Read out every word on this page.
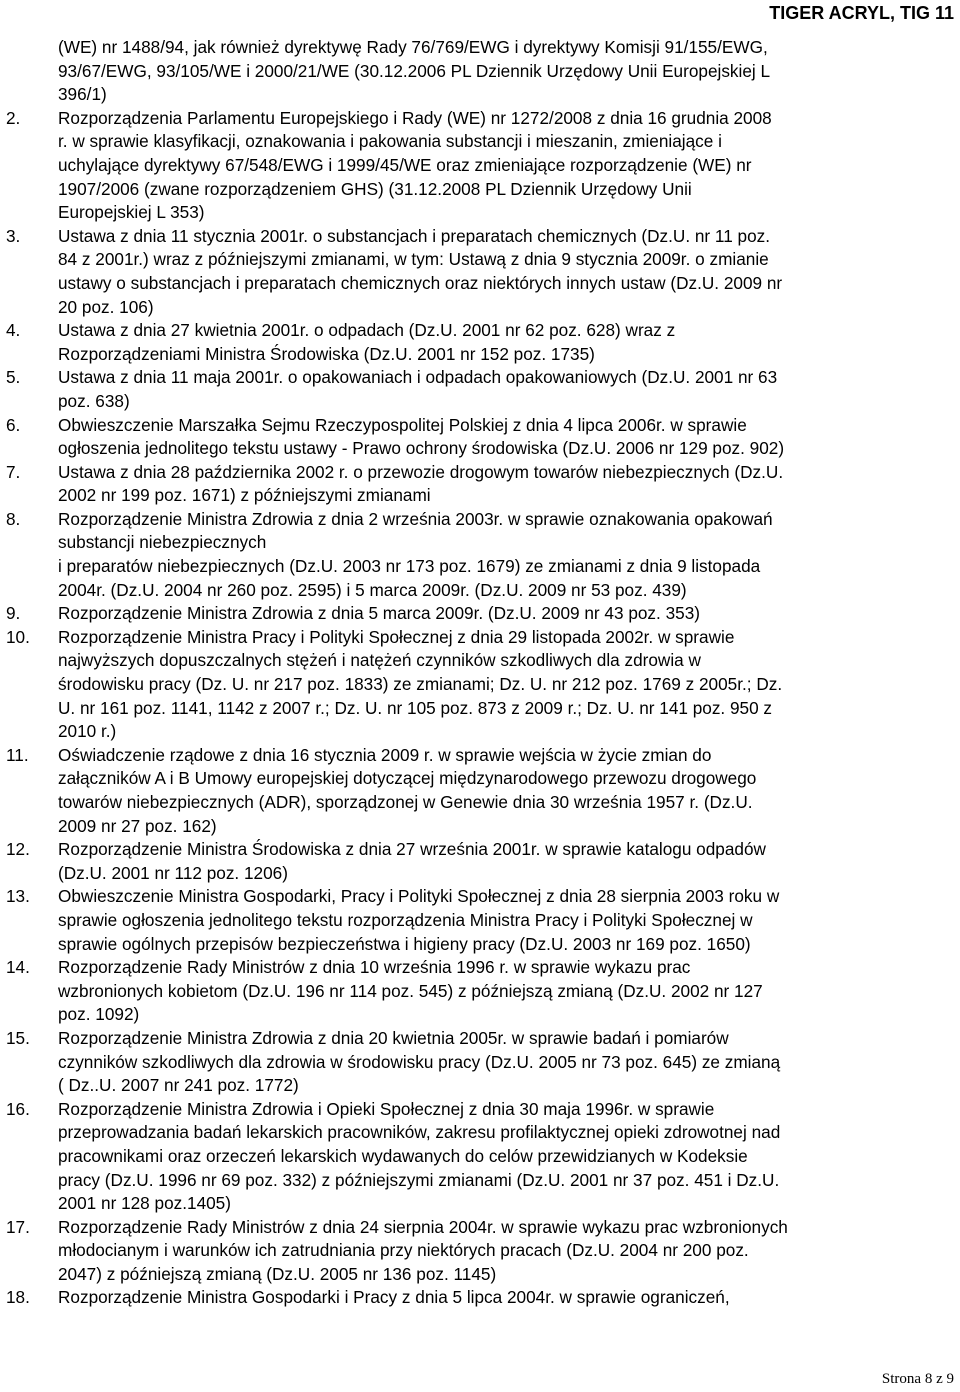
TIGER ACRYL, TIG 11
(WE) nr 1488/94, jak również dyrektywę Rady 76/769/EWG i dyrektywy Komisji 91/155/EWG,
93/67/EWG, 93/105/WE i 2000/21/WE (30.12.2006 PL Dziennik Urzędowy Unii Europejskiej L
396/1)
2. Rozporządzenia Parlamentu Europejskiego i Rady (WE) nr 1272/2008 z dnia 16 grudnia 2008
r. w sprawie klasyfikacji, oznakowania i pakowania substancji i mieszanin, zmieniające i
uchylające dyrektywy 67/548/EWG i 1999/45/WE oraz zmieniające rozporządzenie (WE) nr
1907/2006 (zwane rozporządzeniem GHS) (31.12.2008 PL Dziennik Urzędowy Unii
Europejskiej L 353)
3. Ustawa z dnia 11 stycznia 2001r. o substancjach i preparatach chemicznych (Dz.U. nr 11 poz.
84 z 2001r.) wraz z późniejszymi zmianami, w tym: Ustawą z dnia 9 stycznia 2009r. o zmianie
ustawy o substancjach i preparatach chemicznych oraz niektórych innych ustaw (Dz.U. 2009 nr
20 poz. 106)
4. Ustawa z dnia 27 kwietnia 2001r. o odpadach (Dz.U. 2001 nr 62 poz. 628) wraz z
Rozporządzeniami Ministra Środowiska (Dz.U. 2001 nr 152 poz. 1735)
5. Ustawa z dnia 11 maja 2001r. o opakowaniach i odpadach opakowaniowych (Dz.U. 2001 nr 63
poz. 638)
6. Obwieszczenie Marszałka Sejmu Rzeczypospolitej Polskiej z dnia 4 lipca 2006r. w sprawie
ogłoszenia jednolitego tekstu ustawy - Prawo ochrony środowiska (Dz.U. 2006 nr 129 poz. 902)
7. Ustawa z dnia 28 października 2002 r. o przewozie drogowym towarów niebezpiecznych (Dz.U.
2002 nr 199 poz. 1671) z późniejszymi zmianami
8. Rozporządzenie Ministra Zdrowia z dnia 2 września 2003r. w sprawie oznakowania opakowań
substancji niebezpiecznych
i preparatów niebezpiecznych (Dz.U. 2003 nr 173 poz. 1679) ze zmianami z dnia 9 listopada
2004r. (Dz.U. 2004 nr 260 poz. 2595) i 5 marca 2009r. (Dz.U. 2009 nr 53 poz. 439)
9. Rozporządzenie Ministra Zdrowia z dnia 5 marca 2009r. (Dz.U. 2009 nr 43 poz. 353)
10. Rozporządzenie Ministra Pracy i Polityki Społecznej z dnia 29 listopada 2002r. w sprawie
najwyższych dopuszczalnych stężeń i natężeń czynników szkodliwych dla zdrowia w
środowisku pracy (Dz. U. nr 217 poz. 1833) ze zmianami; Dz. U. nr 212 poz. 1769 z 2005r.; Dz.
U. nr 161 poz. 1141, 1142 z 2007 r.; Dz. U. nr 105 poz. 873 z 2009 r.; Dz. U. nr 141 poz. 950 z
2010 r.)
11. Oświadczenie rządowe z dnia 16 stycznia 2009 r. w sprawie wejścia w życie zmian do
załączników A i B Umowy europejskiej dotyczącej międzynarodowego przewozu drogowego
towarów niebezpiecznych (ADR), sporządzonej w Genewie dnia 30 września 1957 r. (Dz.U.
2009 nr 27 poz. 162)
12. Rozporządzenie Ministra Środowiska z dnia 27 września 2001r. w sprawie katalogu odpadów
(Dz.U. 2001 nr 112 poz. 1206)
13. Obwieszczenie Ministra Gospodarki, Pracy i Polityki Społecznej z dnia 28 sierpnia 2003 roku w
sprawie ogłoszenia jednolitego tekstu rozporządzenia Ministra Pracy i Polityki Społecznej w
sprawie ogólnych przepisów bezpieczeństwa i higieny pracy (Dz.U. 2003 nr 169 poz. 1650)
14. Rozporządzenie Rady Ministrów z dnia 10 września 1996 r. w sprawie wykazu prac
wzbronionych kobietom (Dz.U. 196 nr 114 poz. 545) z późniejszą zmianą (Dz.U. 2002 nr 127
poz. 1092)
15. Rozporządzenie Ministra Zdrowia z dnia 20 kwietnia 2005r. w sprawie badań i pomiarów
czynników szkodliwych dla zdrowia w środowisku pracy (Dz.U. 2005 nr 73 poz. 645) ze zmianą
( Dz..U. 2007 nr 241 poz. 1772)
16. Rozporządzenie Ministra Zdrowia i Opieki Społecznej z dnia 30 maja 1996r. w sprawie
przeprowadzania badań lekarskich pracowników, zakresu profilaktycznej opieki zdrowotnej nad
pracownikami oraz orzeczeń lekarskich wydawanych do celów przewidzianych w Kodeksie
pracy (Dz.U. 1996 nr 69 poz. 332) z późniejszymi zmianami (Dz.U. 2001 nr 37 poz. 451 i Dz.U.
2001 nr 128 poz.1405)
17. Rozporządzenie Rady Ministrów z dnia 24 sierpnia 2004r. w sprawie wykazu prac wzbronionych
młodocianym i warunków ich zatrudniania przy niektórych pracach (Dz.U. 2004 nr 200 poz.
2047) z późniejszą zmianą (Dz.U. 2005 nr 136 poz. 1145)
18. Rozporządzenie Ministra Gospodarki i Pracy z dnia 5 lipca 2004r. w sprawie ograniczeń,
Strona 8 z 9
